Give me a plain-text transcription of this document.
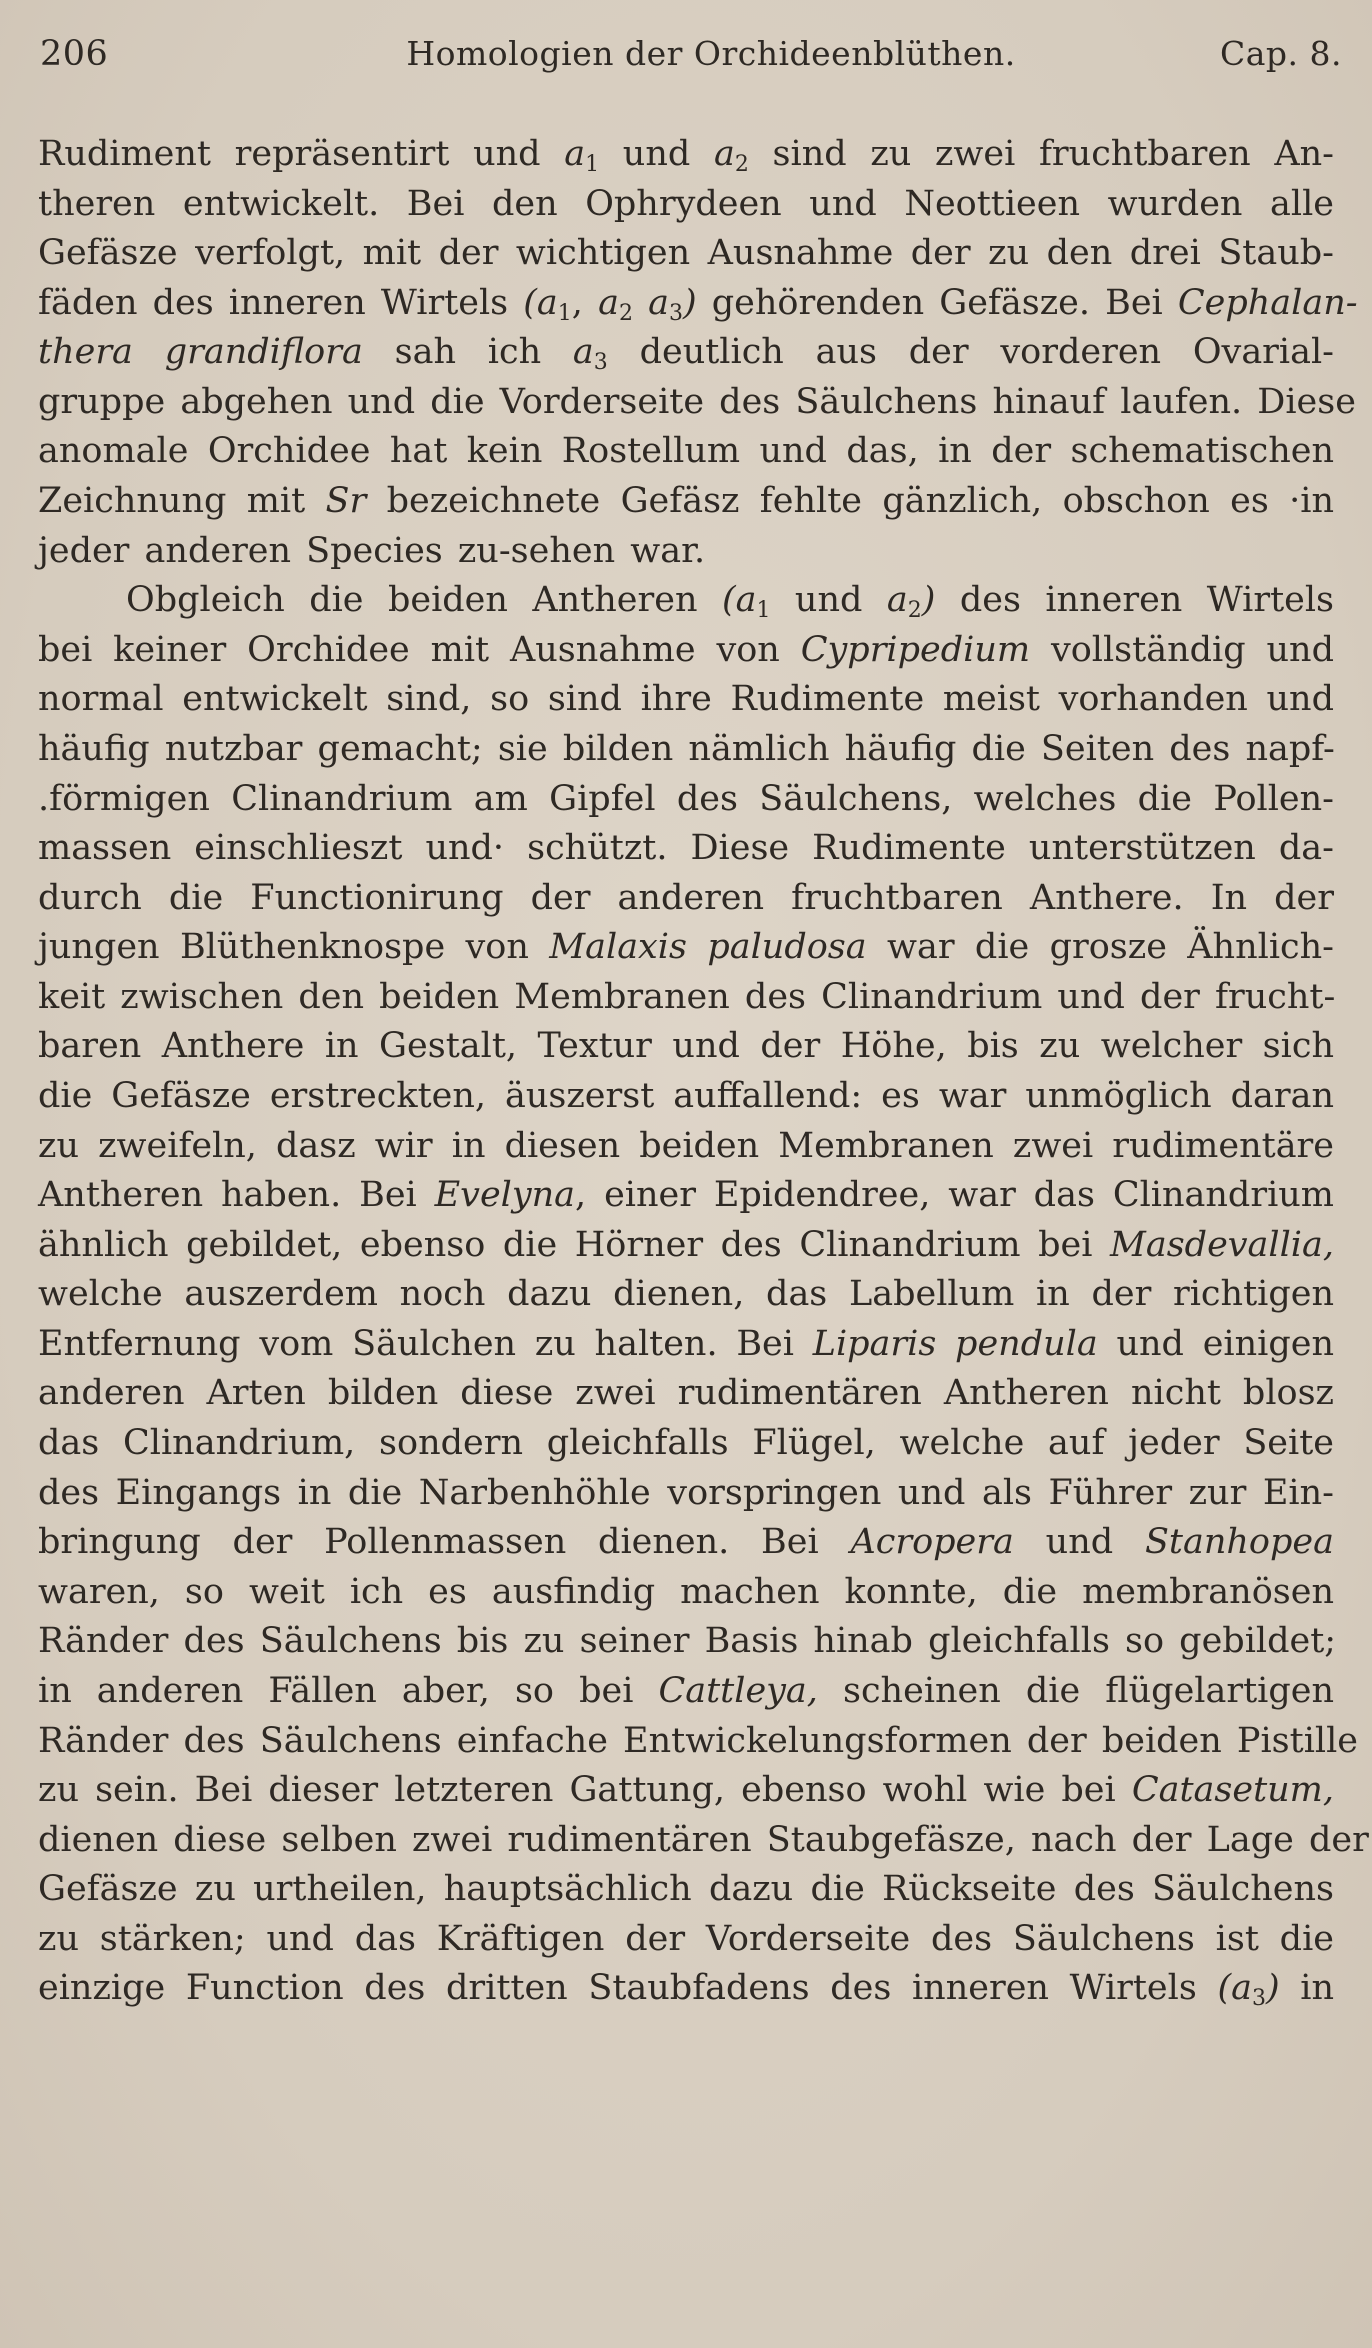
206	Homologien der Orchideenblüthen.	Cap. 8.
Rudiment repräsentirt und $a_1$ und $a_2$ sind zu zwei fruchtbaren An-
theren entwickelt. Bei den Ophrydeen und Neottieen wurden alle
Gefäsze verfolgt, mit der wichtigen Ausnahme der zu den drei Staub-
fäden des inneren Wirtels ($a_1$, $a_2$ $a_3$) gehörenden Gefäsze. Bei Cephalan-
thera grandiflora sah ich $a_3$ deutlich aus der vorderen Ovarial-
gruppe abgehen und die Vorderseite des Säulchens hinauf laufen. Diese
anomale Orchidee hat kein Rostellum und das, in der schematischen
Zeichnung mit Sr bezeichnete Gefäsz fehlte gänzlich, obschon es ·in
jeder anderen Species zu-sehen war.
Obgleich die beiden Antheren ($a_1$ und $a_2$) des inneren Wirtels
bei keiner Orchidee mit Ausnahme von Cypripedium vollständig und
normal entwickelt sind, so sind ihre Rudimente meist vorhanden und
häufig nutzbar gemacht; sie bilden nämlich häufig die Seiten des napf-
.förmigen Clinandrium am Gipfel des Säulchens, welches die Pollen-
massen einschlieszt und· schützt. Diese Rudimente unterstützen da-
durch die Functionirung der anderen fruchtbaren Anthere. In der
jungen Blüthenknospe von Malaxis paludosa war die grosze Ähnlich-
keit zwischen den beiden Membranen des Clinandrium und der frucht-
baren Anthere in Gestalt, Textur und der Höhe, bis zu welcher sich
die Gefäsze erstreckten, äuszerst auffallend: es war unmöglich daran
zu zweifeln, dasz wir in diesen beiden Membranen zwei rudimentäre
Antheren haben. Bei Evelyna, einer Epidendree, war das Clinandrium
ähnlich gebildet, ebenso die Hörner des Clinandrium bei Masdevallia,
welche auszerdem noch dazu dienen, das Labellum in der richtigen
Entfernung vom Säulchen zu halten. Bei Liparis pendula und einigen
anderen Arten bilden diese zwei rudimentären Antheren nicht blosz
das Clinandrium, sondern gleichfalls Flügel, welche auf jeder Seite
des Eingangs in die Narbenhöhle vorspringen und als Führer zur Ein-
bringung der Pollenmassen dienen. Bei Acropera und Stanhopea
waren, so weit ich es ausfindig machen konnte, die membranösen
Ränder des Säulchens bis zu seiner Basis hinab gleichfalls so gebildet;
in anderen Fällen aber, so bei Cattleya, scheinen die flügelartigen
Ränder des Säulchens einfache Entwickelungsformen der beiden Pistille
zu sein. Bei dieser letzteren Gattung, ebenso wohl wie bei Catasetum,
dienen diese selben zwei rudimentären Staubgefäsze, nach der Lage der
Gefäsze zu urtheilen, hauptsächlich dazu die Rückseite des Säulchens
zu stärken; und das Kräftigen der Vorderseite des Säulchens ist die
einzige Function des dritten Staubfadens des inneren Wirtels $(a_3)$ in
